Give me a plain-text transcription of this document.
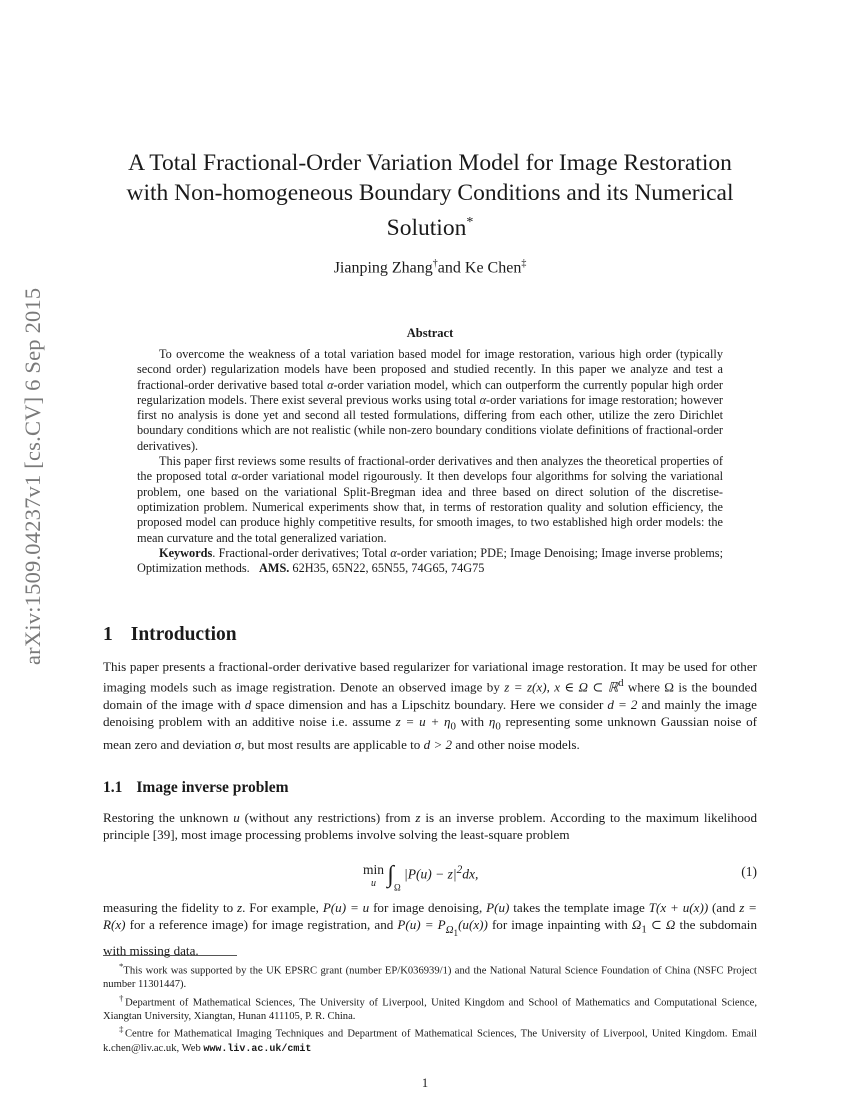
arXiv:1509.04237v1 [cs.CV] 6 Sep 2015
A Total Fractional-Order Variation Model for Image Restoration
with Non-homogeneous Boundary Conditions and its Numerical
Solution*
Jianping Zhang†and Ke Chen‡
Abstract

To overcome the weakness of a total variation based model for image restoration, various high order (typically second order) regularization models have been proposed and studied recently. In this paper we analyze and test a fractional-order derivative based total α-order variation model, which can outperform the currently popular high order regularization models. There exist several previous works using total α-order variations for image restoration; however first no analysis is done yet and second all tested formulations, differing from each other, utilize the zero Dirichlet boundary conditions which are not realistic (while non-zero boundary conditions violate definitions of fractional-order derivatives).

This paper first reviews some results of fractional-order derivatives and then analyzes the theoretical properties of the proposed total α-order variational model rigourously. It then develops four algorithms for solving the variational problem, one based on the variational Split-Bregman idea and three based on direct solution of the discretise-optimization problem. Numerical experiments show that, in terms of restoration quality and solution efficiency, the proposed model can produce highly competitive results, for smooth images, to two established high order models: the mean curvature and the total generalized variation.

Keywords. Fractional-order derivatives; Total α-order variation; PDE; Image Denoising; Image inverse problems; Optimization methods. AMS. 62H35, 65N22, 65N55, 74G65, 74G75

1 Introduction

This paper presents a fractional-order derivative based regularizer for variational image restoration. It may be used for other imaging models such as image registration. Denote an observed image by z = z(x), x ∈ Ω ⊂ ℝ$^d$ where Ω is the bounded domain of the image with d space dimension and has a Lipschitz boundary. Here we consider d = 2 and mainly the image denoising problem with an additive noise i.e. assume $z = u + \eta_0$ with $\eta_0$ representing some unknown Gaussian noise of mean zero and deviation σ, but most results are applicable to d > 2 and other noise models.

1.1 Image inverse problem

Restoring the unknown u (without any restrictions) from z is an inverse problem. According to the maximum likelihood principle [39], most image processing problems involve solving the least-square problem

min
u $\int_\Omega$ $|P(u) - z|^2dx$,	(1)

measuring the fidelity to z. For example, P(u) = u for image denoising, P(u) takes the template image T(x + u(x)) (and z = R(x) for a reference image) for image registration, and $P(u) = P_{\Omega_1}(u(x))$ for image inpainting with $\Omega_1$ ⊂ Ω the subdomain with missing data.

*This work was supported by the UK EPSRC grant (number EP/K036939/1) and the National Natural Science Foundation of China (NSFC Project number 11301447).

†Department of Mathematical Sciences, The University of Liverpool, United Kingdom and School of Mathematics and Computational Science, Xiangtan University, Xiangtan, Hunan 411105, P. R. China.

‡Centre for Mathematical Imaging Techniques and Department of Mathematical Sciences, The University of Liverpool, United Kingdom. Email k.chen@liv.ac.uk, Web www.liv.ac.uk/cmit

1
